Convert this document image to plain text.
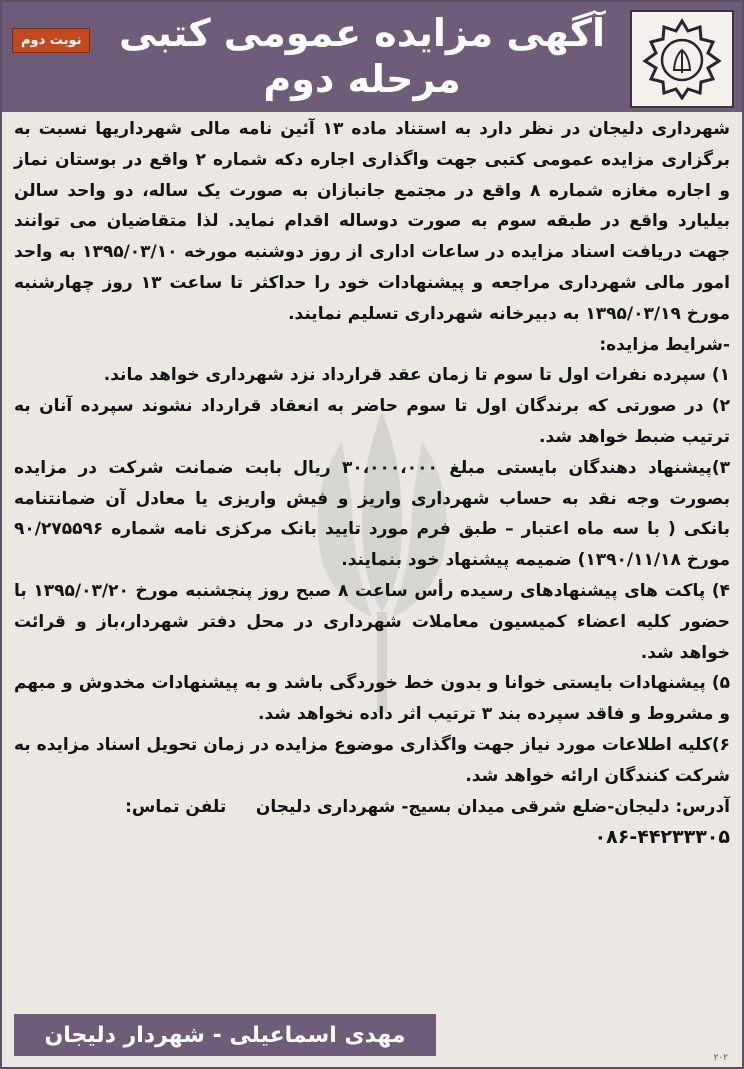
آگهی مزایده عمومی کتبی
مرحله دوم
نوبت دوم

شهرداری دلیجان در نظر دارد به استناد ماده ۱۳ آئین نامه مالی شهرداریها نسبت به برگزاری مزایده عمومی کتبی جهت واگذاری اجاره دکه شماره ۲ واقع در بوستان نماز و اجاره مغازه شماره ۸ واقع در مجتمع جانبازان به صورت یک ساله، دو واحد سالن بیلیارد واقع در طبقه سوم به صورت دوساله اقدام نماید. لذا متقاضیان می توانند جهت دریافت اسناد مزایده در ساعات اداری از روز دوشنبه مورخه ۱۳۹۵/۰۳/۱۰ به واحد امور مالی شهرداری مراجعه و پیشنهادات خود را حداکثر تا ساعت ۱۳ روز چهارشنبه مورخ ۱۳۹۵/۰۳/۱۹ به دبیرخانه شهرداری تسلیم نمایند.

-شرایط مزایده:

۱) سپرده نفرات اول تا سوم تا زمان عقد قرارداد نزد شهرداری خواهد ماند.

۲) در صورتی که برندگان اول تا سوم حاضر به انعقاد قرارداد نشوند سپرده آنان به ترتیب ضبط خواهد شد.

۳)پیشنهاد دهندگان بایستی مبلغ ۳۰،۰۰۰،۰۰۰ ریال بابت ضمانت شرکت در مزایده بصورت وجه نقد به حساب شهرداری واریز و فیش واریزی یا معادل آن ضمانتنامه بانکی ( با سه ماه اعتبار – طبق فرم مورد تایید بانک مرکزی نامه شماره ۹۰/۲۷۵۵۹۶ مورخ ۱۳۹۰/۱۱/۱۸) ضمیمه پیشنهاد خود بنمایند.

۴) پاکت های پیشنهادهای رسیده رأس ساعت ۸ صبح روز پنجشنبه مورخ ۱۳۹۵/۰۳/۲۰ با حضور کلیه اعضاء کمیسیون معاملات شهرداری در محل دفتر شهردار،باز و قرائت خواهد شد.

۵) پیشنهادات بایستی خوانا و بدون خط خوردگی باشد و به پیشنهادات مخدوش و مبهم و مشروط و فاقد سپرده بند ۳ ترتیب اثر داده نخواهد شد.

۶)کلیه اطلاعات مورد نیاز جهت واگذاری موضوع مزایده در زمان تحویل اسناد مزایده به شرکت کنندگان ارائه خواهد شد.

آدرس: دلیجان-ضلع شرقی میدان بسیج- شهرداری دلیجان     تلفن تماس:

۰۸۶-۴۴۲۳۳۳۰۵
مهدی اسماعیلی - شهردار دلیجان
۲۰۲
